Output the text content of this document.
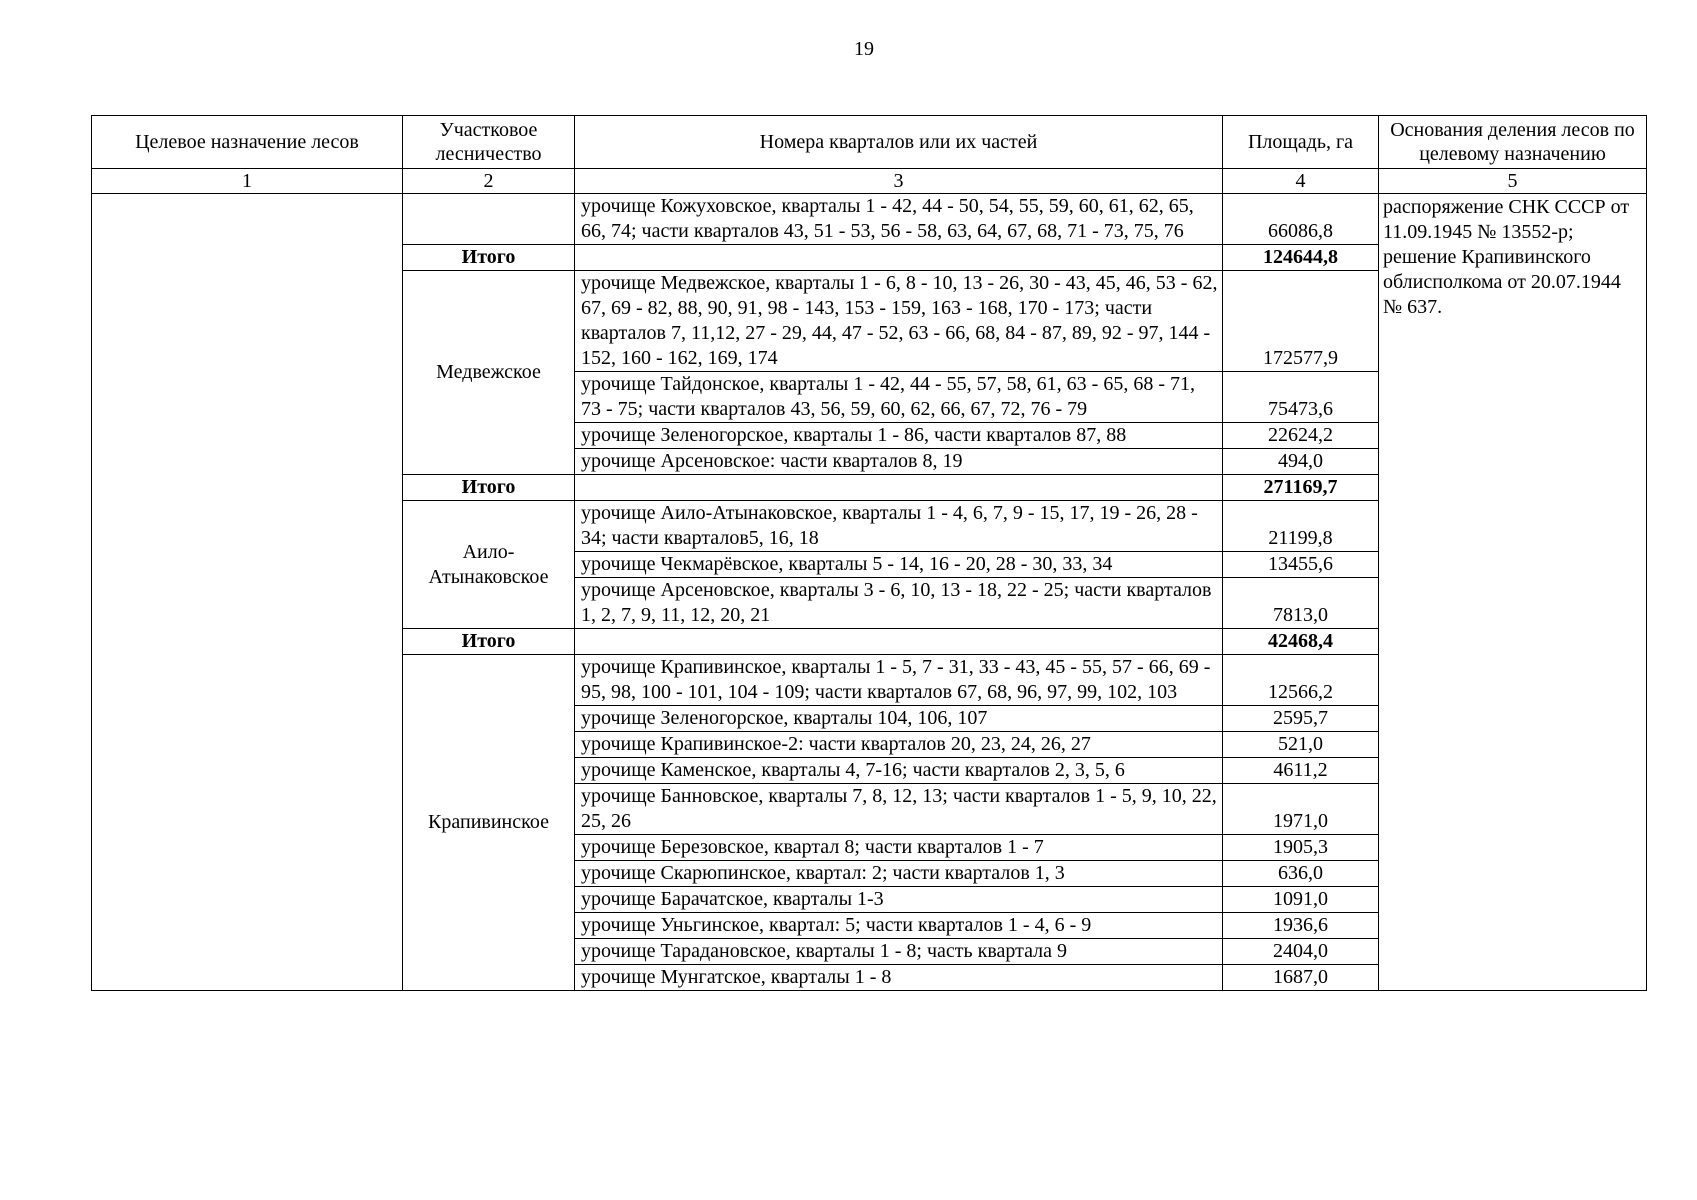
19
Целевое назначение лесов	Участковое лесничество	Номера кварталов или их частей	Площадь, га	Основания деления лесов по целевому назначению
1	2	3	4	5
		урочище Кожуховское, кварталы 1 - 42, 44 - 50, 54, 55, 59, 60, 61, 62, 65, 66, 74; части кварталов 43, 51 - 53, 56 - 58, 63, 64, 67, 68, 71 - 73, 75, 76	66086,8	распоряжение СНК СССР от 11.09.1945 № 13552-р; решение Крапивинского облисполкома от 20.07.1944 № 637.
	Итого		124644,8	
	Медвежское	урочище Медвежское, кварталы 1 - 6, 8 - 10, 13 - 26, 30 - 43, 45, 46, 53 - 62, 67, 69 - 82, 88, 90, 91, 98 - 143, 153 - 159, 163 - 168, 170 - 173; части кварталов 7, 11,12, 27 - 29, 44, 47 - 52, 63 - 66, 68, 84 - 87, 89, 92 - 97, 144 - 152, 160 - 162, 169, 174	172577,9	
		урочище Тайдонское, кварталы 1 - 42, 44 - 55, 57, 58, 61, 63 - 65, 68 - 71, 73 - 75; части кварталов 43, 56, 59, 60, 62, 66, 67, 72, 76 - 79	75473,6	
		урочище Зеленогорское, кварталы 1 - 86, части кварталов 87, 88	22624,2	
		урочище Арсеновское: части кварталов 8, 19	494,0	
	Итого		271169,7	
	Аило-Атынаковское	урочище Аило-Атынаковское, кварталы 1 - 4, 6, 7, 9 - 15, 17, 19 - 26, 28 - 34; части кварталов5, 16, 18	21199,8	
		урочище Чекмарёвское, кварталы 5 - 14, 16 - 20, 28 - 30, 33, 34	13455,6	
		урочище Арсеновское, кварталы 3 - 6, 10, 13 - 18, 22 - 25; части кварталов 1, 2, 7, 9, 11, 12, 20, 21	7813,0	
	Итого		42468,4	
	Крапивинское	урочище Крапивинское, кварталы 1 - 5, 7 - 31, 33 - 43, 45 - 55, 57 - 66, 69 - 95, 98, 100 - 101, 104 - 109; части кварталов 67, 68, 96, 97, 99, 102, 103	12566,2	
		урочище Зеленогорское, кварталы 104, 106, 107	2595,7	
		урочище Крапивинское-2: части кварталов 20, 23, 24, 26, 27	521,0	
		урочище Каменское, кварталы 4, 7-16; части кварталов 2, 3, 5, 6	4611,2	
		урочище Банновское, кварталы 7, 8, 12, 13; части кварталов 1 - 5, 9, 10, 22, 25, 26	1971,0	
		урочище Березовское, квартал 8; части кварталов 1 - 7	1905,3	
		урочище Скарюпинское, квартал: 2; части кварталов 1, 3	636,0	
		урочище Барачатское, кварталы 1-3	1091,0	
		урочище Уньгинское, квартал: 5; части кварталов 1 - 4, 6 - 9	1936,6	
		урочище Тараданoвское, кварталы 1 - 8; часть квартала 9	2404,0	
		урочище Мунгатское, кварталы 1 - 8	1687,0	
